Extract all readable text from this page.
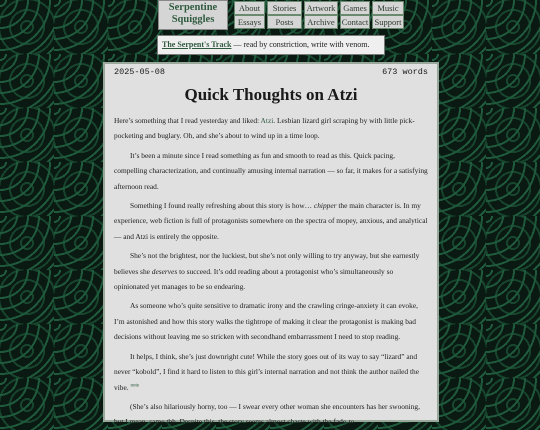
Serpentine Squiggles
About	Stories	Artwork Games	Music
Essays	Posts	Archive Contact Support
The Serpent's Track — read by constriction, write with venom.
2025-05-08	673 words
Quick Thoughts on Atzi

Here’s something that I read yesterday and liked: Atzi. Lesbian lizard girl scraping by with little pick-pocketing and buglary. Oh, and she’s about to wind up in a time loop.

It’s been a minute since I read something as fun and smooth to read as this. Quick pacing, compelling characterization, and continually amusing internal narration — so far, it makes for a satisfying afternoon read.

Something I found really refreshing about this story is how… chipper the main character is. In my experience, web fiction is full of protagonists somewhere on the spectra of mopey, anxious, and analytical — and Atzi is entirely the opposite.

She’s not the brightest, nor the luckiest, but she’s not only willing to try anyway, but she earnestly believes she deserves to succeed. It’s odd reading about a protagonist who’s simultaneously so opinionated yet manages to be so endearing.

As someone who’s quite sensitive to dramatic irony and the crawling cringe-anxiety it can evoke, I’m astonished and how this story walks the tightrope of making it clear the protagonist is making bad decisions without leaving me so stricken with secondhand embarrassment I need to stop reading.

It helps, I think, she’s just downright cute! While the story goes out of its way to say “lizard” and never “kobold”, I find it hard to listen to this girl’s internal narration and not think the author nailed the vibe. $^{note}$

(She’s also hilariously horny, too — I swear every other woman she encounters has her swooning, but I mean. same tbh. Despite this, the story seems almost chaste with the fade-to-
